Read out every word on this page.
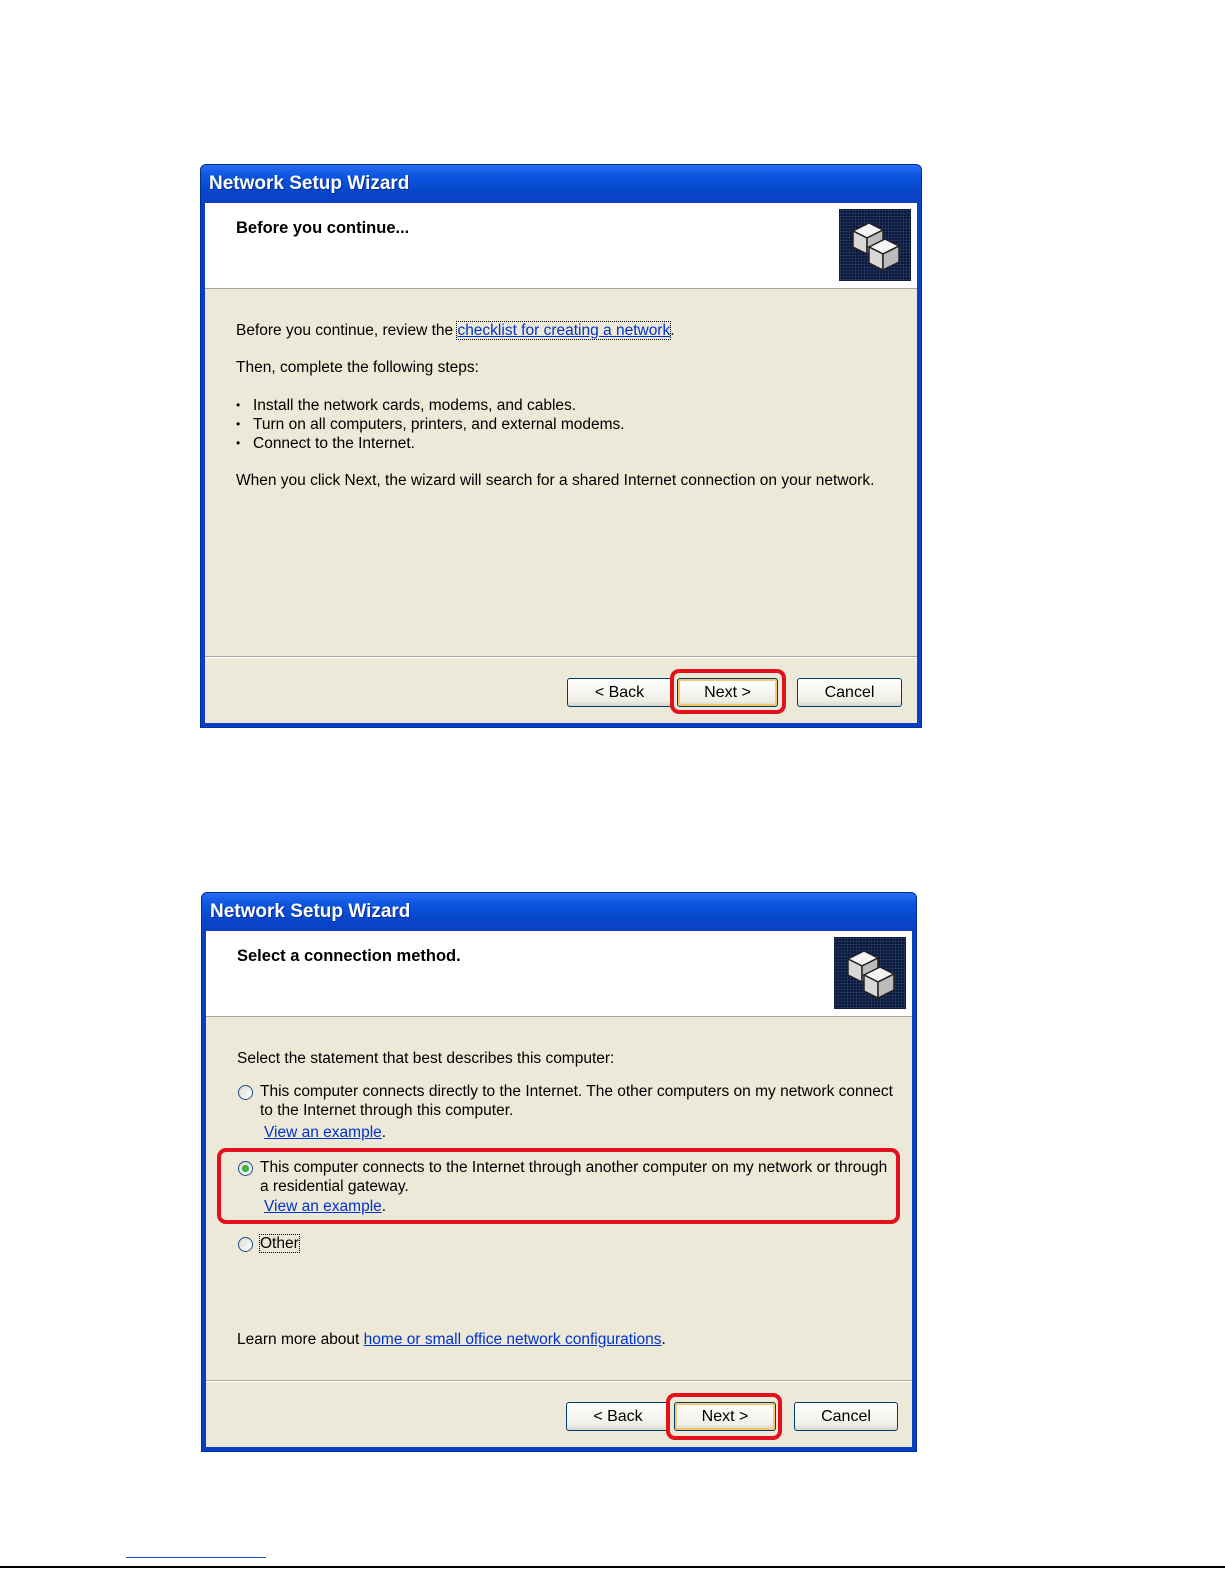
Network Setup Wizard
Before you continue...
Before you continue, review the checklist for creating a network.
Then, complete the following steps:
• Install the network cards, modems, and cables.
• Turn on all computers, printers, and external modems.
• Connect to the Internet.
When you click Next, the wizard will search for a shared Internet connection on your network.
< Back	Next >	Cancel
Network Setup Wizard
Select a connection method.
Select the statement that best describes this computer:
This computer connects directly to the Internet. The other computers on my network connect
to the Internet through this computer.
View an example.
This computer connects to the Internet through another computer on my network or through
a residential gateway.
View an example.
Other
Learn more about home or small office network configurations.
< Back	Next >	Cancel
